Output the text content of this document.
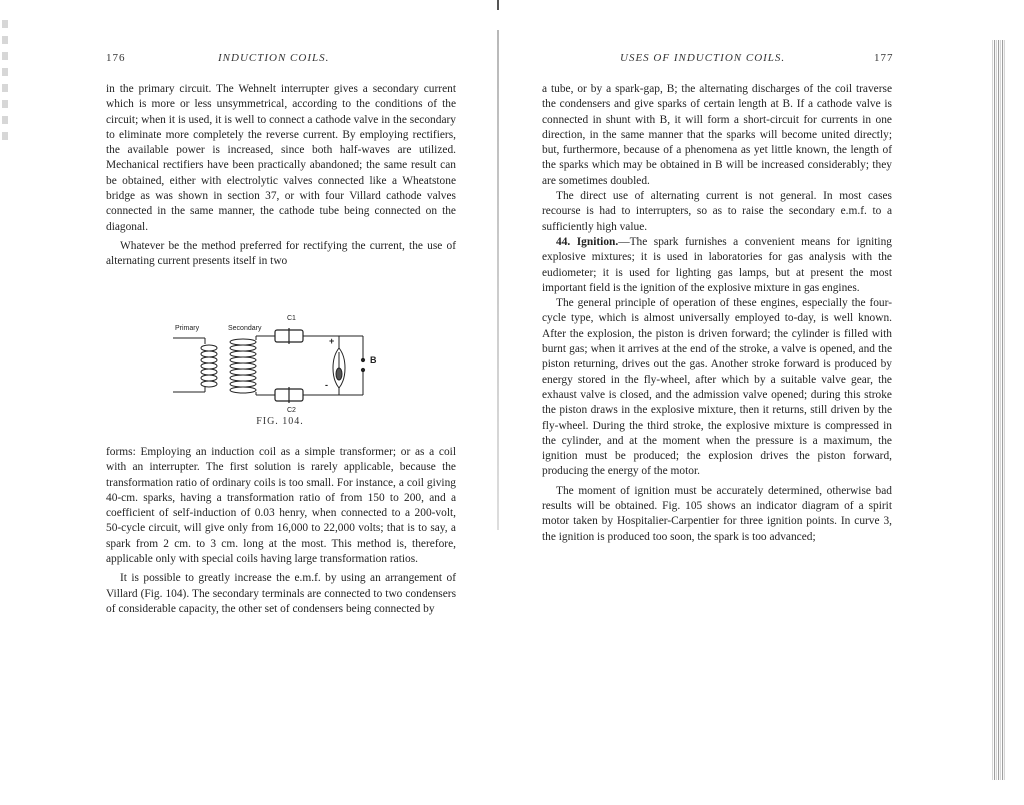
176	INDUCTION COILS.

in the primary circuit. The Wehnelt interrupter gives a secondary current which is more or less unsymmetrical, according to the conditions of the circuit; when it is used, it is well to connect a cathode valve in the secondary to eliminate more completely the reverse current. By employing rectifiers, the available power is increased, since both half-waves are utilized. Mechanical rectifiers have been practically abandoned; the same result can be obtained, either with electrolytic valves connected like a Wheatstone bridge as was shown in section 37, or with four Villard cathode valves connected in the same manner, the cathode tube being connected on the diagonal.

Whatever be the method preferred for rectifying the current, the use of alternating current presents itself in two

Primary	Secondary
C1
C2
B
+
-
FIG. 104.

forms: Employing an induction coil as a simple transformer; or as a coil with an interrupter. The first solution is rarely applicable, because the transformation ratio of ordinary coils is too small. For instance, a coil giving 40-cm. sparks, having a transformation ratio of from 150 to 200, and a coefficient of self-induction of 0.03 henry, when connected to a 200-volt, 50-cycle circuit, will give only from 16,000 to 22,000 volts; that is to say, a spark from 2 cm. to 3 cm. long at the most. This method is, therefore, applicable only with special coils having large transformation ratios.

It is possible to greatly increase the e.m.f. by using an arrangement of Villard (Fig. 104). The secondary terminals are connected to two condensers of considerable capacity, the other set of condensers being connected by

USES OF INDUCTION COILS.	177

a tube, or by a spark-gap, B; the alternating discharges of the coil traverse the condensers and give sparks of certain length at B. If a cathode valve is connected in shunt with B, it will form a short-circuit for currents in one direction, in the same manner that the sparks will become united directly; but, furthermore, because of a phenomena as yet little known, the length of the sparks which may be obtained in B will be increased considerably; they are sometimes doubled.

The direct use of alternating current is not general. In most cases recourse is had to interrupters, so as to raise the secondary e.m.f. to a sufficiently high value.

44. Ignition.—The spark furnishes a convenient means for igniting explosive mixtures; it is used in laboratories for gas analysis with the eudiometer; it is used for lighting gas lamps, but at present the most important field is the ignition of the explosive mixture in gas engines.

The general principle of operation of these engines, especially the four-cycle type, which is almost universally employed to-day, is well known. After the explosion, the piston is driven forward; the cylinder is filled with burnt gas; when it arrives at the end of the stroke, a valve is opened, and the piston returning, drives out the gas. Another stroke forward is produced by energy stored in the fly-wheel, after which by a suitable valve gear, the exhaust valve is closed, and the admission valve opened; during this stroke the piston draws in the explosive mixture, then it returns, still driven by the fly-wheel. During the third stroke, the explosive mixture is compressed in the cylinder, and at the moment when the pressure is a maximum, the ignition must be produced; the explosion drives the piston forward, producing the energy of the motor.

The moment of ignition must be accurately determined, otherwise bad results will be obtained. Fig. 105 shows an indicator diagram of a spirit motor taken by Hospitalier-Carpentier for three ignition points. In curve 3, the ignition is produced too soon, the spark is too advanced;
